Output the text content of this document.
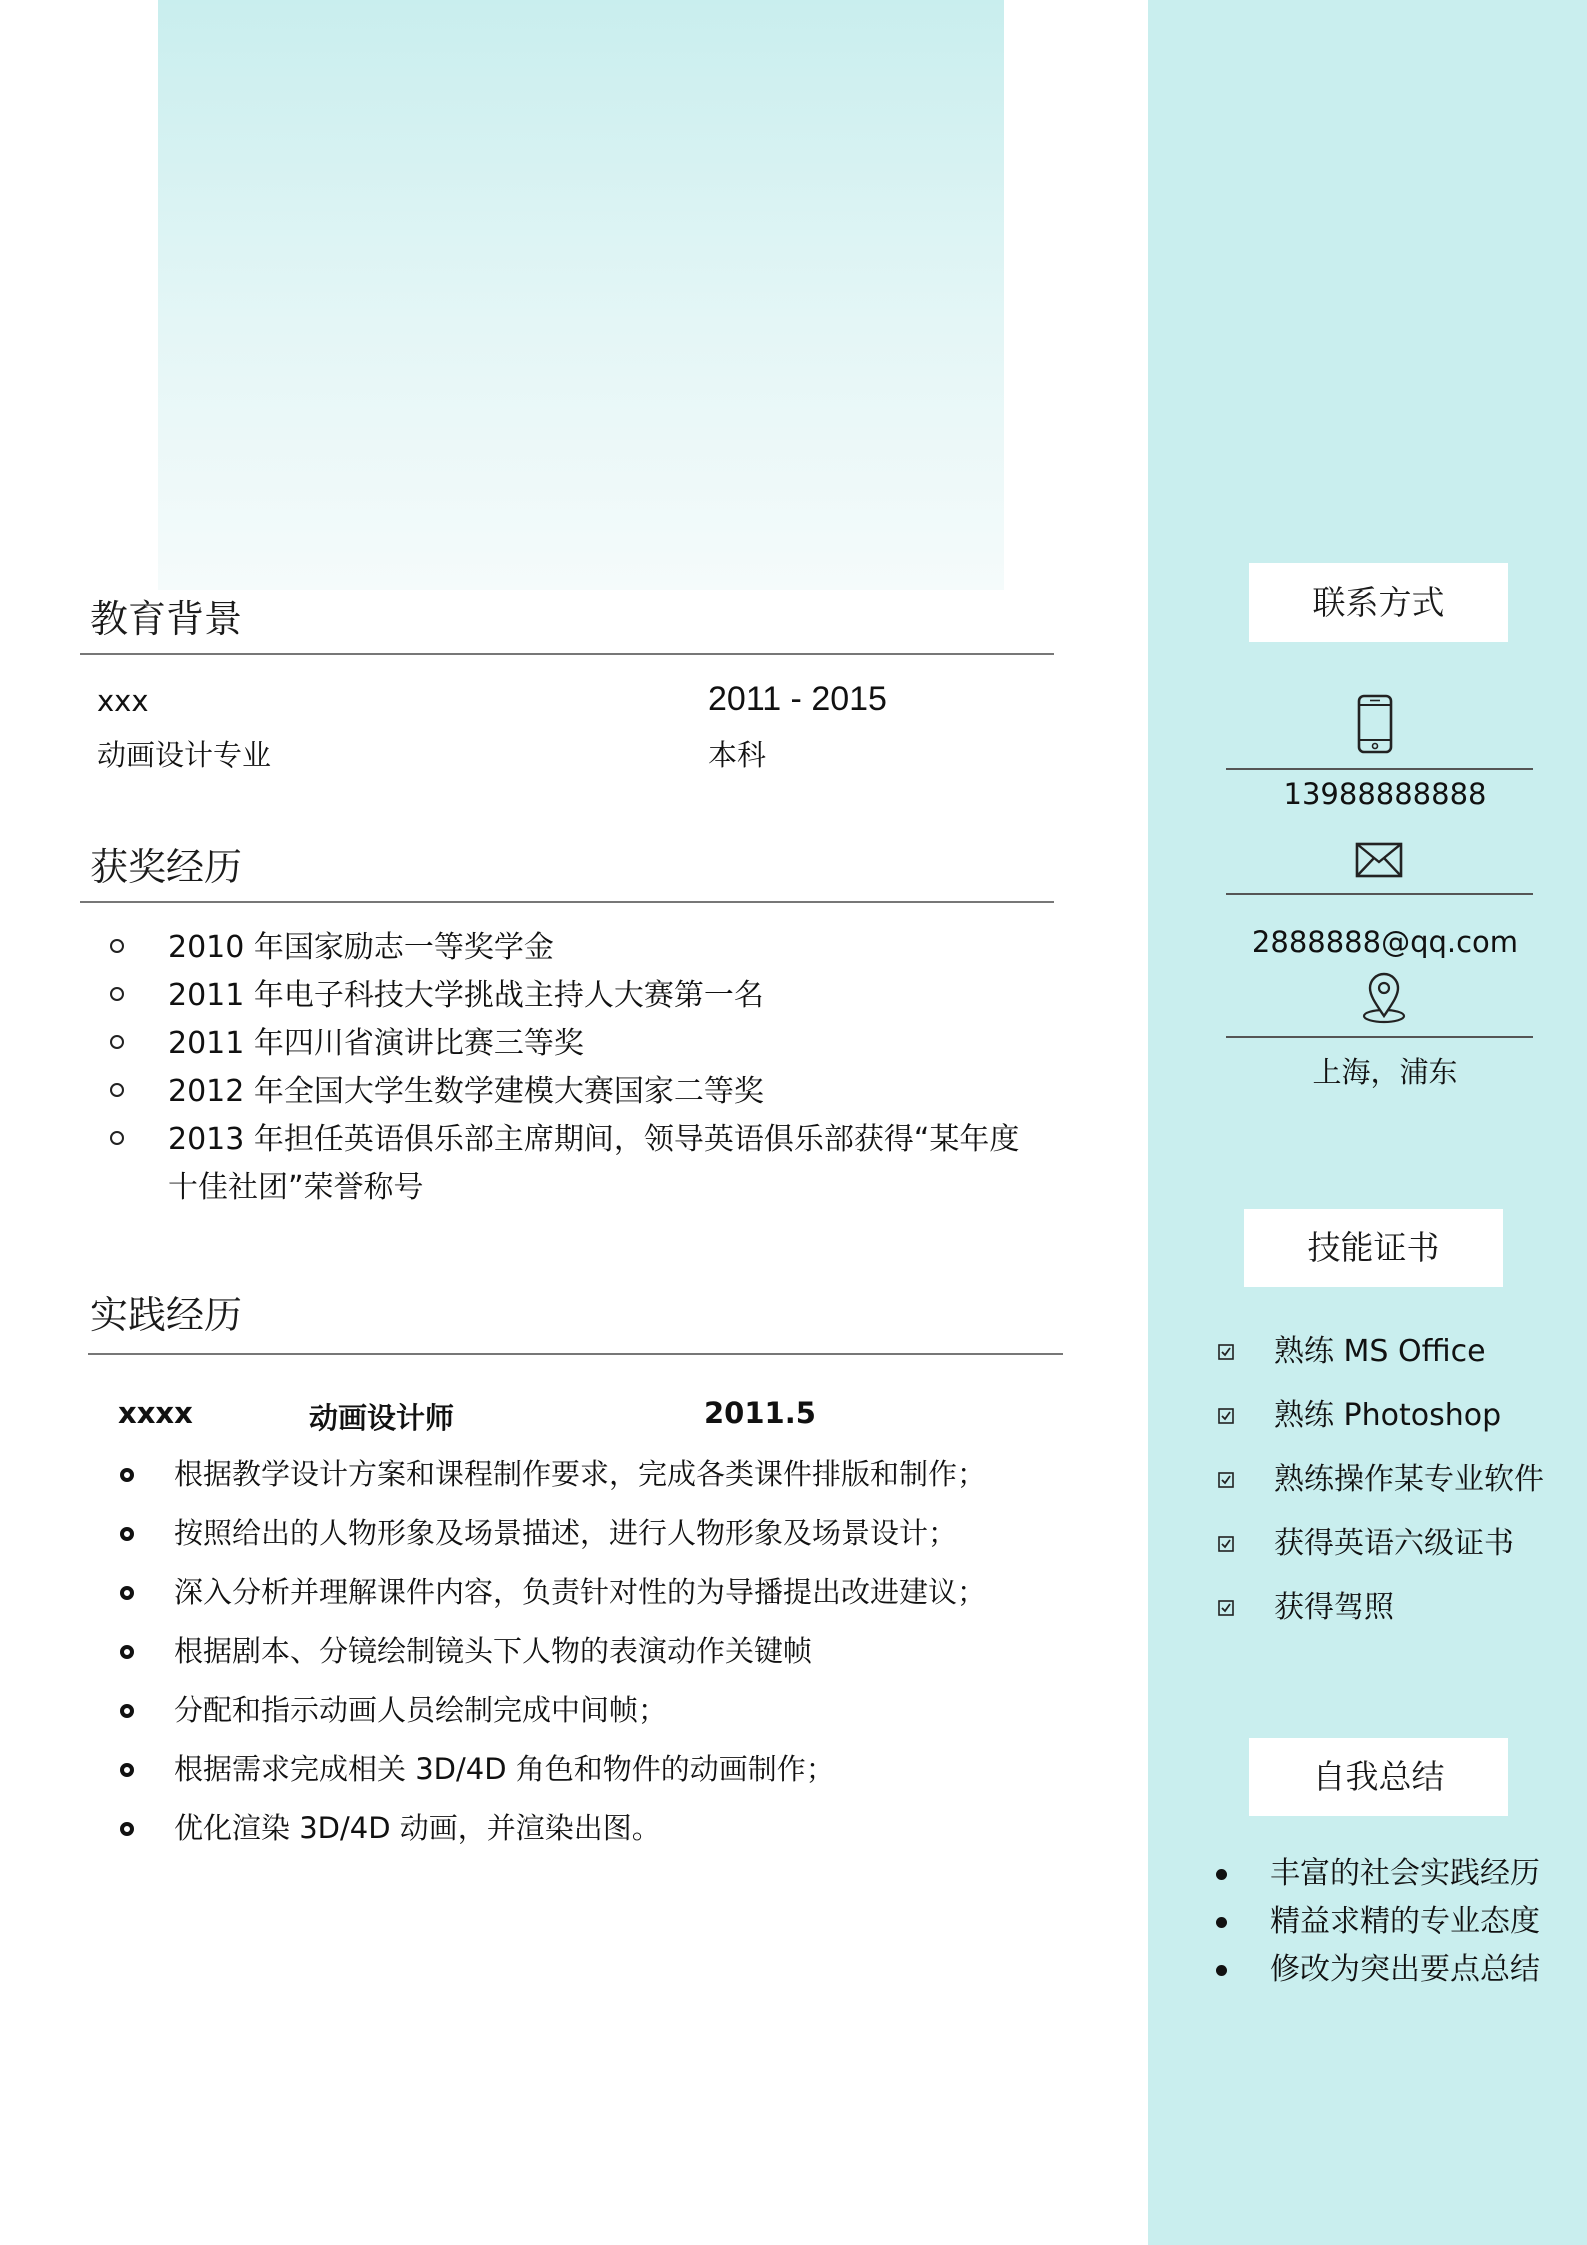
教育背景
xxx	2011 - 2015
动画设计专业	本科
获奖经历
2010 年国家励志一等奖学金
2011 年电子科技大学挑战主持人大赛第一名
2011 年四川省演讲比赛三等奖
2012 年全国大学生数学建模大赛国家二等奖
2013 年担任英语俱乐部主席期间，领导英语俱乐部获得“某年度十佳社团”荣誉称号
实践经历
xxxx	动画设计师	2011.5
根据教学设计方案和课程制作要求，完成各类课件排版和制作；
按照给出的人物形象及场景描述，进行人物形象及场景设计；
深入分析并理解课件内容，负责针对性的为导播提出改进建议；
根据剧本、分镜绘制镜头下人物的表演动作关键帧
分配和指示动画人员绘制完成中间帧；
根据需求完成相关 3D/4D 角色和物件的动画制作；
优化渲染 3D/4D 动画，并渲染出图。
联系方式
13988888888
2888888@qq.com
上海，浦东
技能证书
熟练 MS Office
熟练 Photoshop
熟练操作某专业软件
获得英语六级证书
获得驾照
自我总结
丰富的社会实践经历
精益求精的专业态度
修改为突出要点总结
